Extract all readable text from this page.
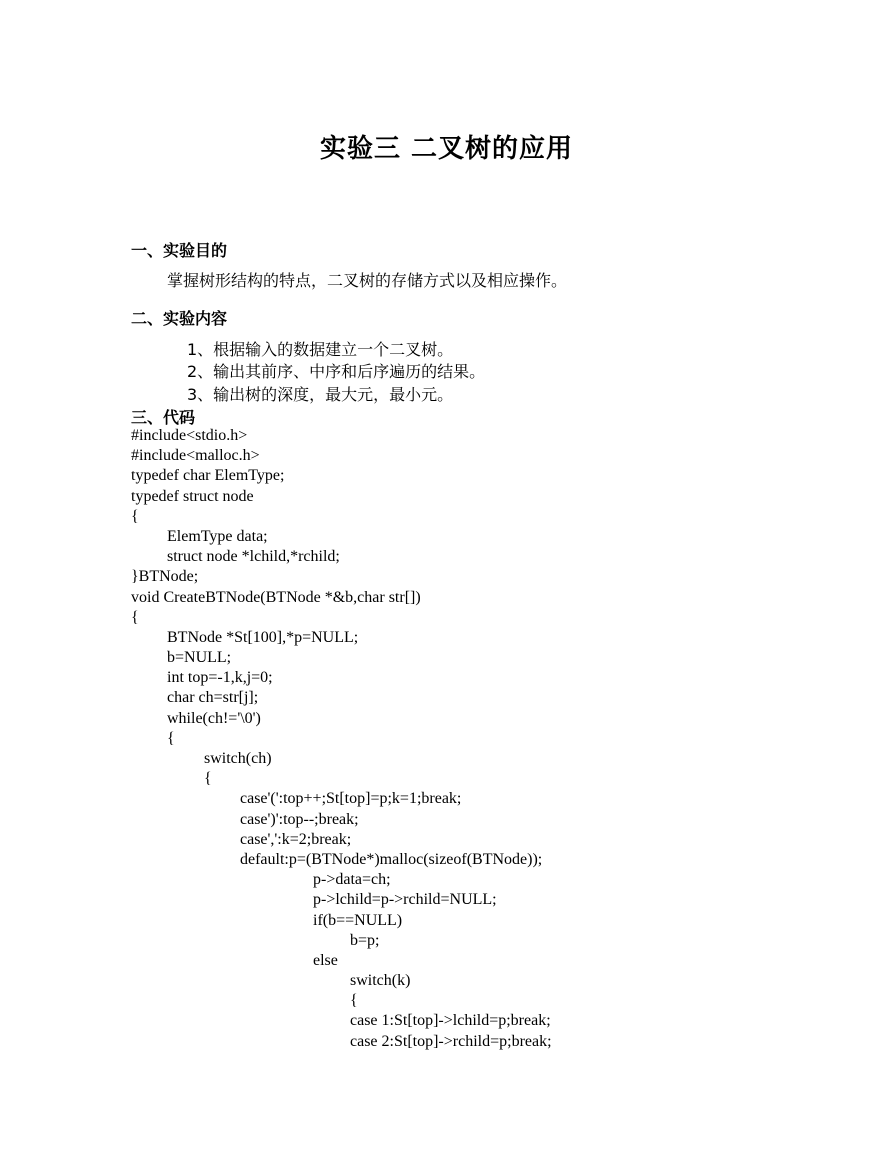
实验三 二叉树的应用
一、实验目的
掌握树形结构的特点，二叉树的存储方式以及相应操作。
二、实验内容
1、根据输入的数据建立一个二叉树。
2、输出其前序、中序和后序遍历的结果。
3、输出树的深度，最大元，最小元。
三、代码
#include<stdio.h>
#include<malloc.h>
typedef char ElemType;
typedef struct node
{
ElemType data;
struct node *lchild,*rchild;
}BTNode;
void CreateBTNode(BTNode *&b,char str[])
{
BTNode *St[100],*p=NULL;
b=NULL;
int top=-1,k,j=0;
char ch=str[j];
while(ch!='\0')
{
switch(ch)
{
case'(':top++;St[top]=p;k=1;break;
case')':top--;break;
case',':k=2;break;
default:p=(BTNode*)malloc(sizeof(BTNode));
p->data=ch;
p->lchild=p->rchild=NULL;
if(b==NULL)
b=p;
else
switch(k)
{
case 1:St[top]->lchild=p;break;
case 2:St[top]->rchild=p;break;
